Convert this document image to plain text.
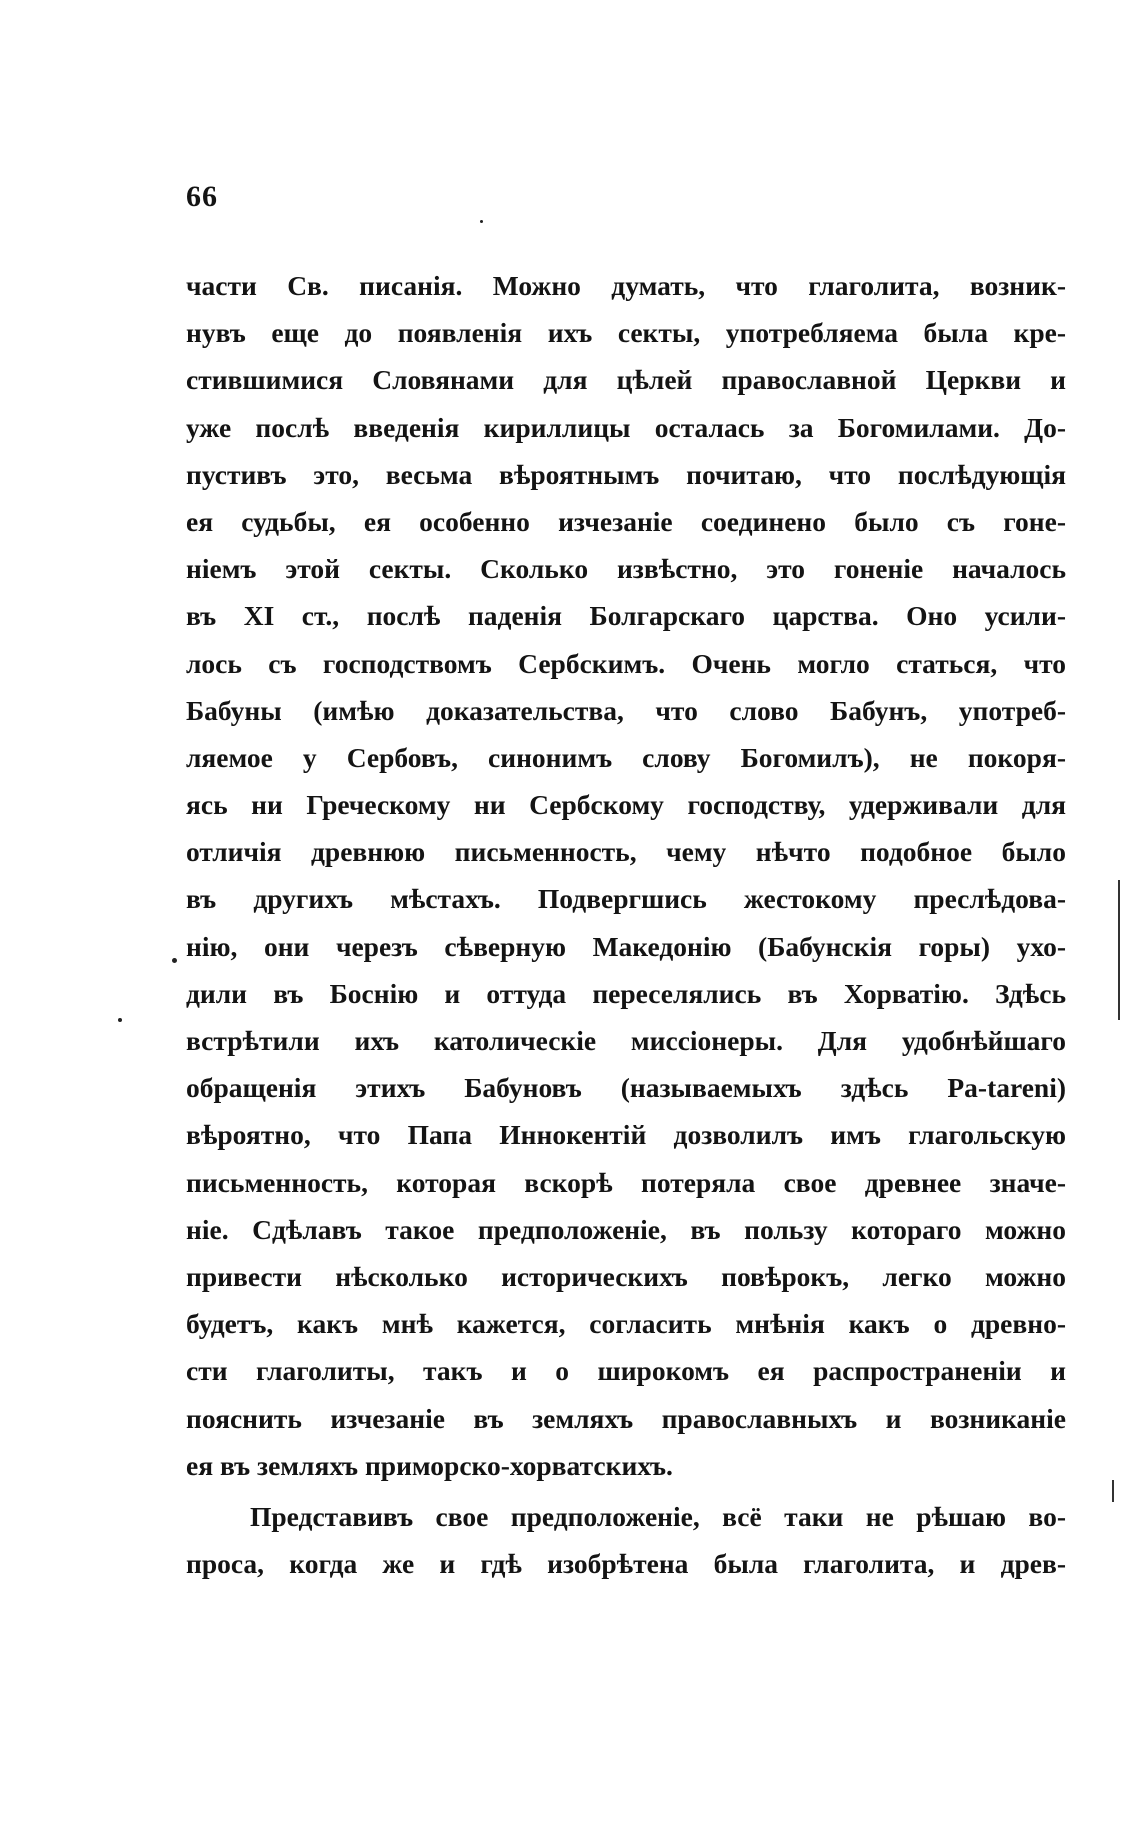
66
части Св. писанія. Можно думать, что глаголита, возник-
нувъ еще до появленія ихъ секты, употребляема была кре-
стившимися Словянами для цѣлей православной Церкви и
уже послѣ введенія кириллицы осталась за Богомилами. До-
пустивъ это, весьма вѣроятнымъ почитаю, что послѣдующія
ея судьбы, ея особенно изчезаніе соединено было съ гоне-
ніемъ этой секты. Сколько извѣстно, это гоненіе началось
въ XI ст., послѣ паденія Болгарскаго царства. Оно усили-
лось съ господствомъ Сербскимъ. Очень могло статься, что
Бабуны (имѣю доказательства, что слово Бабунъ, употреб-
ляемое у Сербовъ, синонимъ слову Богомилъ), не покоря-
ясь ни Греческому ни Сербскому господству, удерживали для
отличія древнюю письменность, чему нѣчто подобное было
въ другихъ мѣстахъ. Подвергшись жестокому преслѣдова-
нію, они черезъ сѣверную Македонію (Бабунскія горы) ухо-
дили въ Боснію и оттуда переселялись въ Хорватію. Здѣсь
встрѣтили ихъ католическіе миссіонеры. Для удобнѣйшаго
обращенія этихъ Бабуновъ (называемыхъ здѣсь Pa-tareni)
вѣроятно, что Папа Иннокентій дозволилъ имъ глагольскую
письменность, которая вскорѣ потеряла свое древнее значе-
ніе. Сдѣлавъ такое предположеніе, въ пользу котораго можно
привести нѣсколько историческихъ повѣрокъ, легко можно
будетъ, какъ мнѣ кажется, согласить мнѣнія какъ о древно-
сти глаголиты, такъ и о широкомъ ея распространеніи и
пояснить изчезаніе въ земляхъ православныхъ и возниканіе
ея въ земляхъ приморско-хорватскихъ.
Представивъ свое предположеніе, всё таки не рѣшаю во-
проса, когда же и гдѣ изобрѣтена была глаголита, и древ-
